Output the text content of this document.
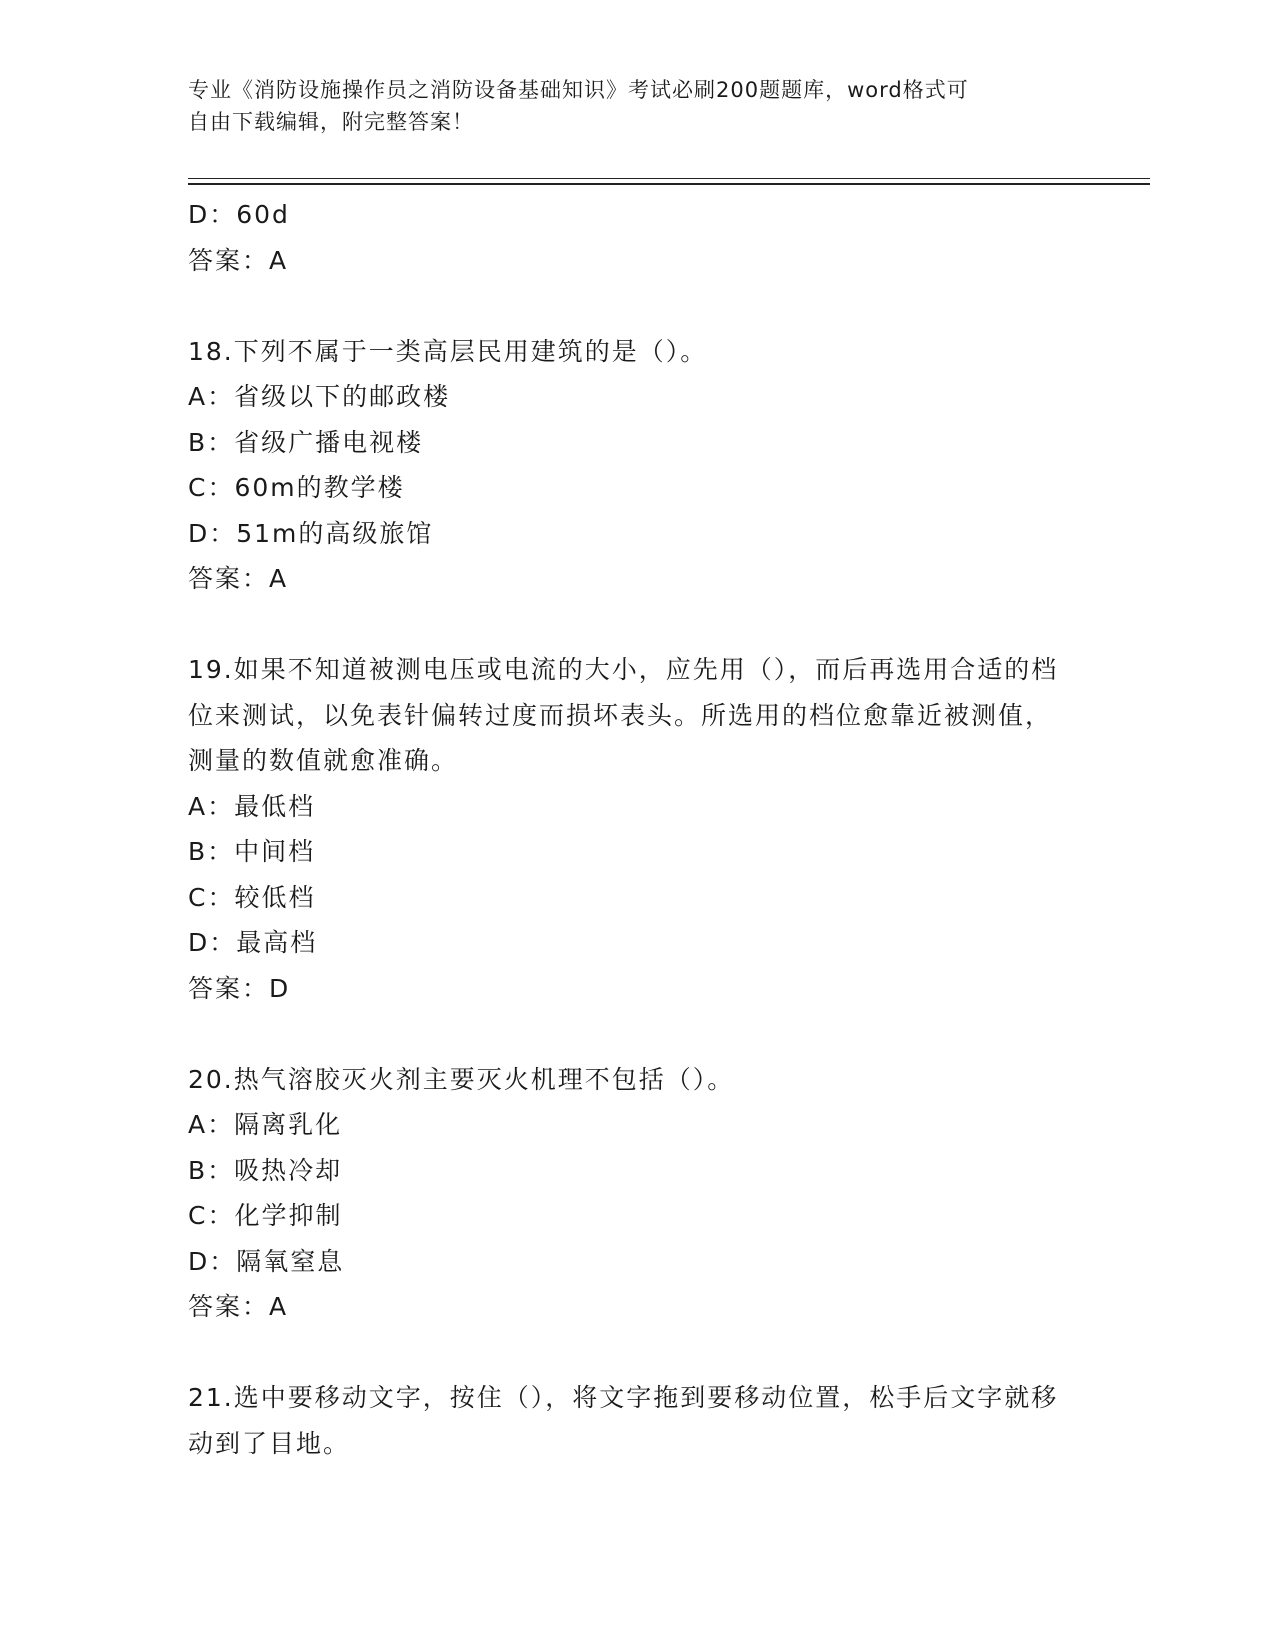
专业《消防设施操作员之消防设备基础知识》考试必刷200题题库，word格式可
自由下载编辑，附完整答案！
D：60d
答案：A
18.下列不属于一类高层民用建筑的是（）。
A：省级以下的邮政楼
B：省级广播电视楼
C：60m的教学楼
D：51m的高级旅馆
答案：A
19.如果不知道被测电压或电流的大小，应先用（），而后再选用合适的档位来测试，以免表针偏转过度而损坏表头。所选用的档位愈靠近被测值，测量的数值就愈准确。
A：最低档
B：中间档
C：较低档
D：最高档
答案：D
20.热气溶胶灭火剂主要灭火机理不包括（）。
A：隔离乳化
B：吸热冷却
C：化学抑制
D：隔氧窒息
答案：A
21.选中要移动文字，按住（），将文字拖到要移动位置，松手后文字就移动到了目地。
